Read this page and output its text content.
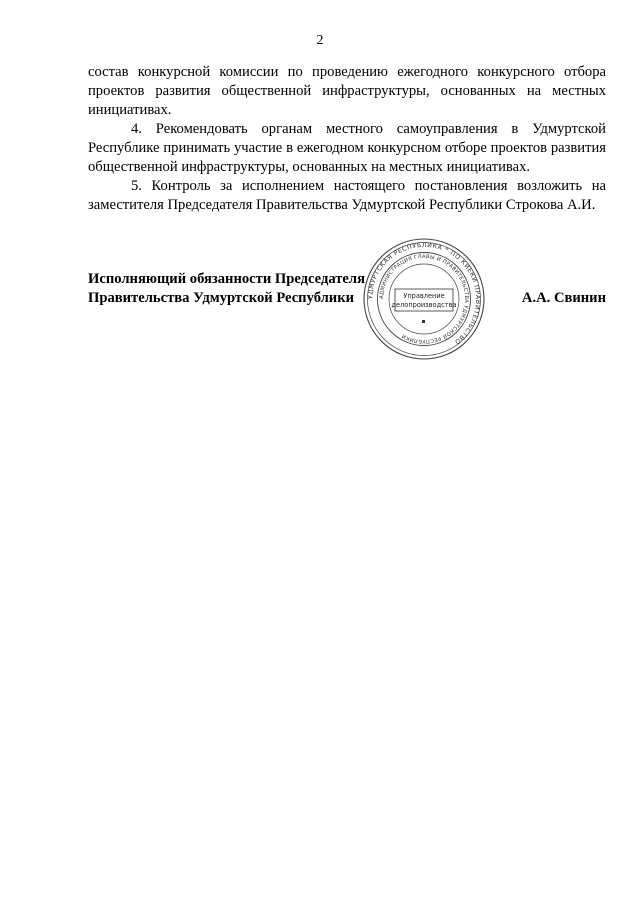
2

состав конкурсной комиссии по проведению ежегодного конкурсного отбора проектов развития общественной инфраструктуры, основанных на местных инициативах.

4. Рекомендовать органам местного самоуправления в Удмуртской Республике принимать участие в ежегодном конкурсном отборе проектов развития общественной инфраструктуры, основанных на местных инициативах.

5. Контроль за исполнением настоящего постановления возложить на заместителя Председателя Правительства Удмуртской Республики Строкова А.И.

Исполняющий обязанности Председателя
Правительства Удмуртской Республики	А.А. Свинин
УДМУРТСКАЯ РЕСПУБЛИКА * ПО КИЕКИ ПРАВИТЕЛЬСТВО
АДМИНИСТРАЦИЯ ГЛАВЫ И ПРАВИТЕЛЬСТВА УДМУРТСКОЙ РЕСПУБЛИКИ
Управление
делопроизводства
